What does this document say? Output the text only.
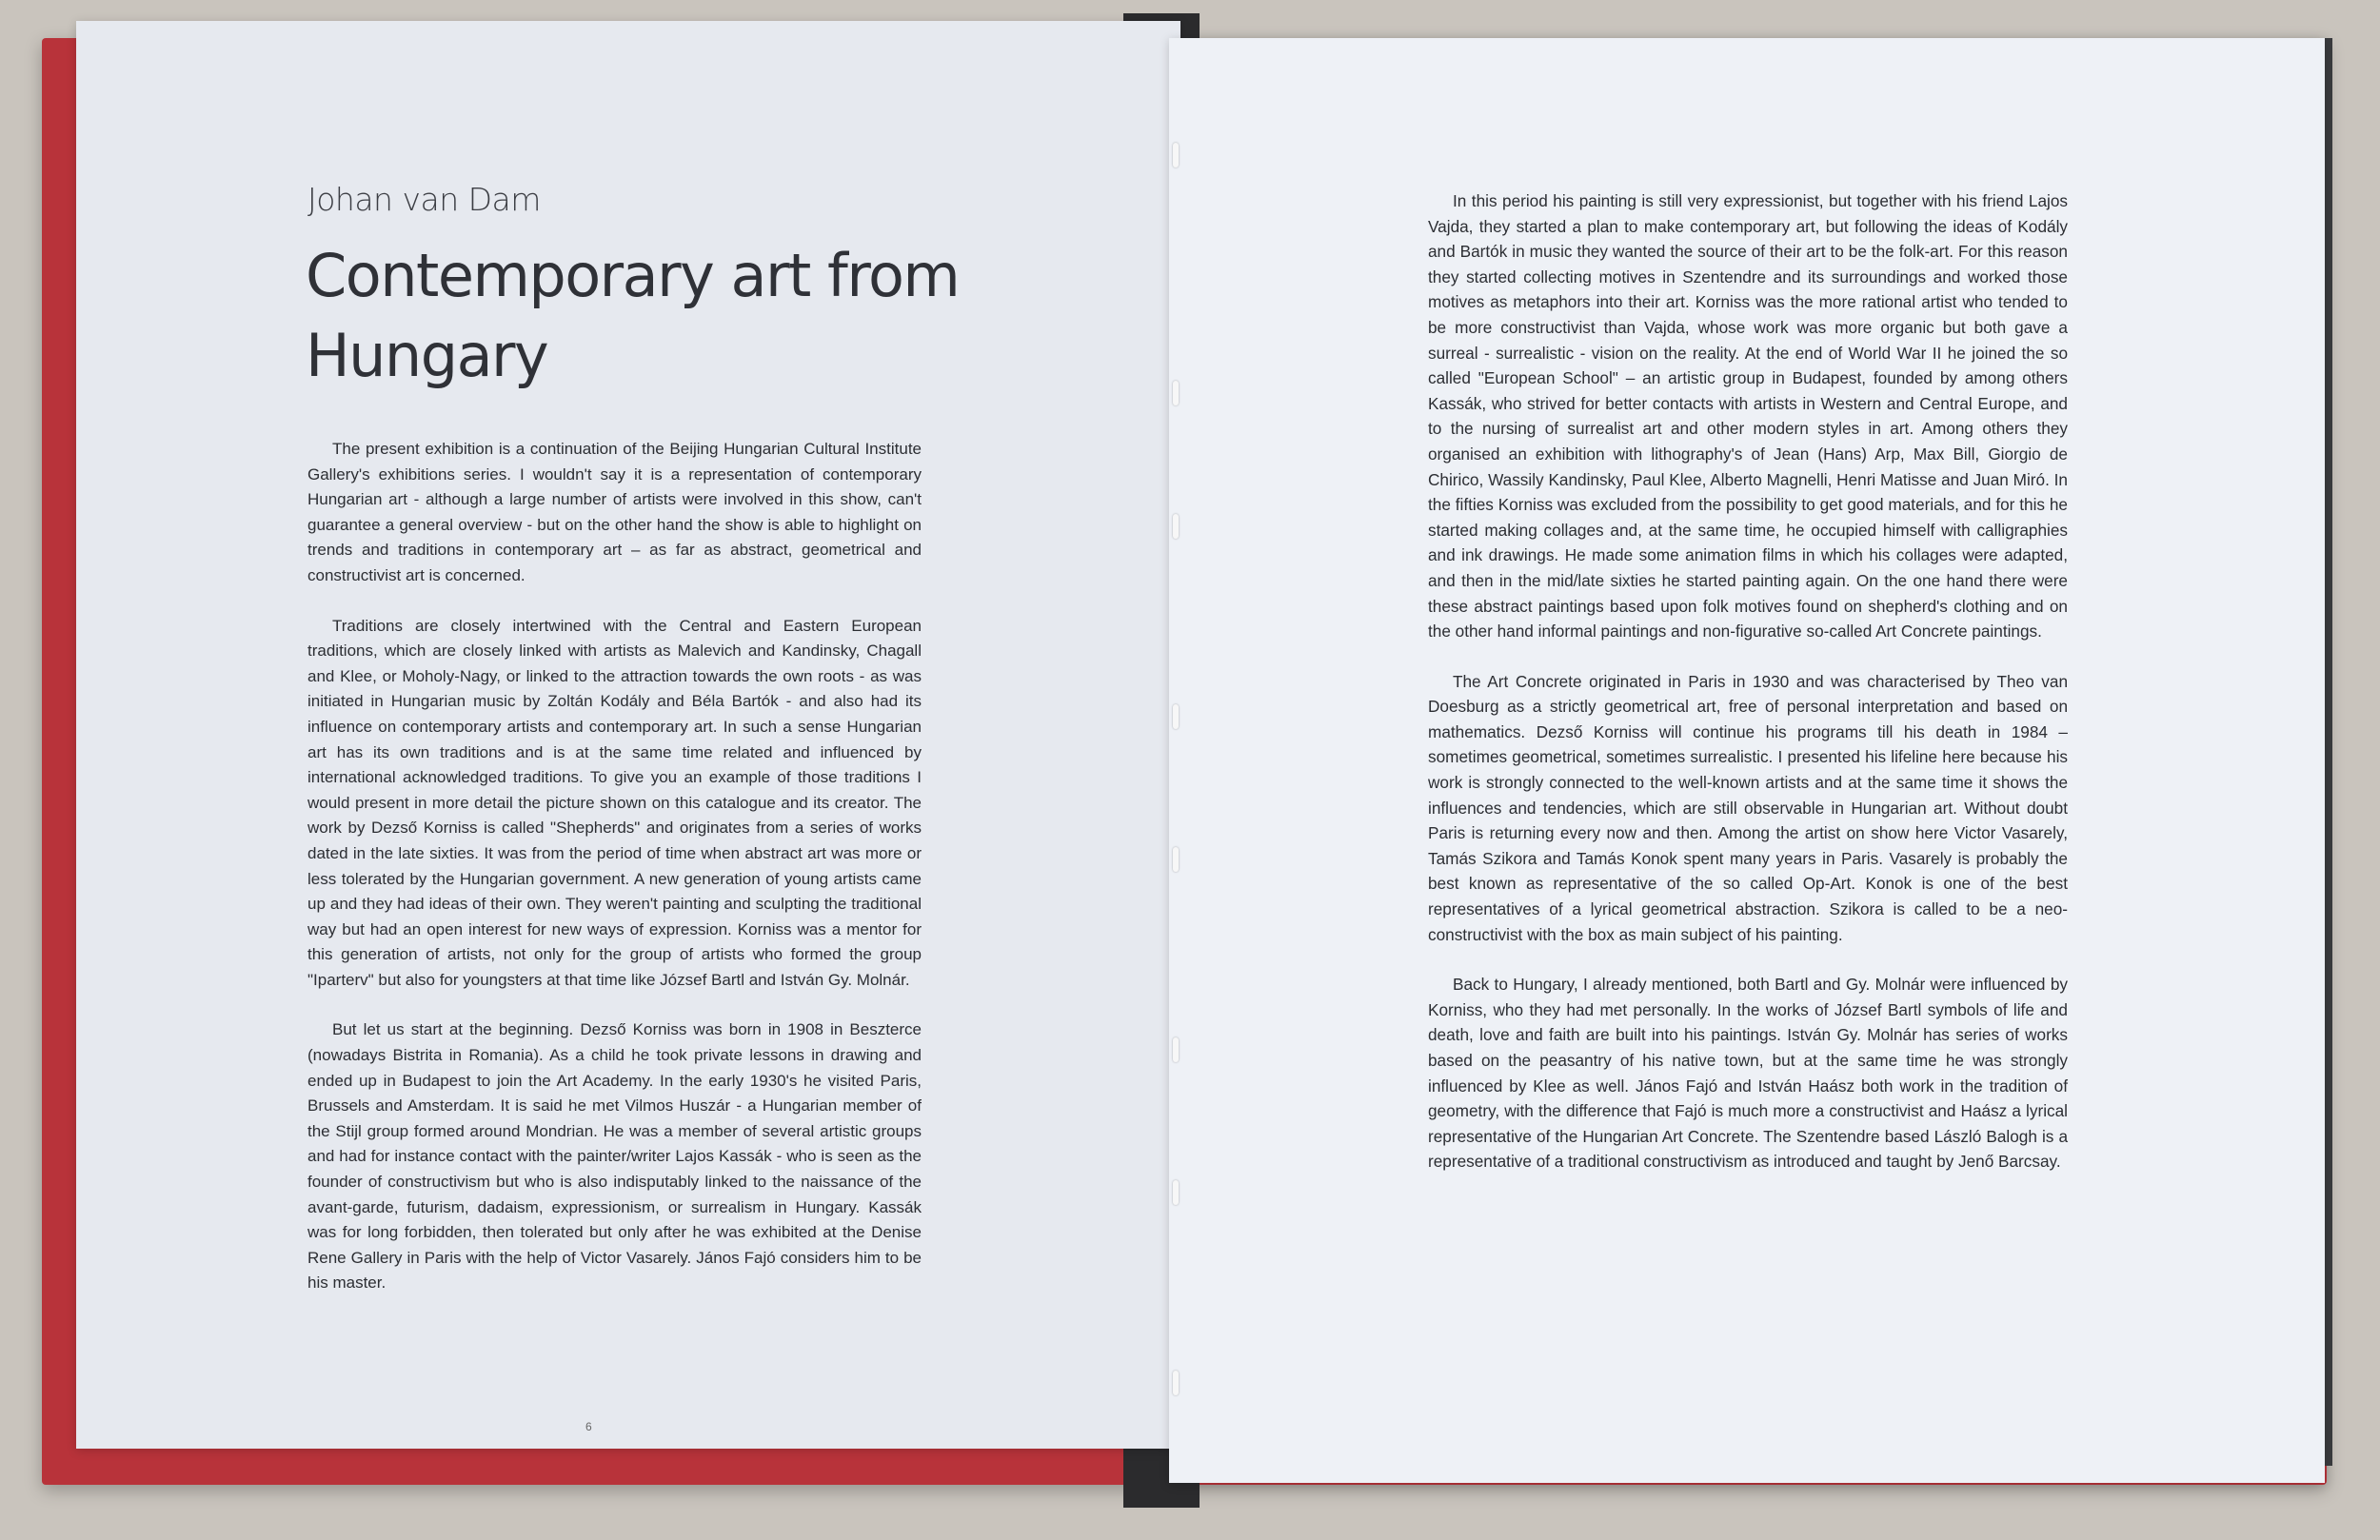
Johan van Dam
Contemporary art from Hungary

The present exhibition is a continuation of the Beijing Hungarian Cultural Institute Gallery's exhibitions series. I wouldn't say it is a representation of contemporary Hungarian art - although a large number of artists were involved in this show, can't guarantee a general overview - but on the other hand the show is able to highlight on trends and traditions in contemporary art – as far as abstract, geometrical and constructivist art is concerned.

Traditions are closely intertwined with the Central and Eastern European traditions, which are closely linked with artists as Malevich and Kandinsky, Chagall and Klee, or Moholy-Nagy, or linked to the attraction towards the own roots - as was initiated in Hungarian music by Zoltán Kodály and Béla Bartók - and also had its influence on contemporary artists and contemporary art. In such a sense Hungarian art has its own traditions and is at the same time related and influenced by international acknowledged traditions. To give you an example of those traditions I would present in more detail the picture shown on this catalogue and its creator. The work by Dezső Korniss is called "Shepherds" and originates from a series of works dated in the late sixties. It was from the period of time when abstract art was more or less tolerated by the Hungarian government. A new generation of young artists came up and they had ideas of their own. They weren't painting and sculpting the traditional way but had an open interest for new ways of expression. Korniss was a mentor for this generation of artists, not only for the group of artists who formed the group "Iparterv" but also for youngsters at that time like József Bartl and István Gy. Molnár.

But let us start at the beginning. Dezső Korniss was born in 1908 in Beszterce (nowadays Bistrita in Romania). As a child he took private lessons in drawing and ended up in Budapest to join the Art Academy. In the early 1930's he visited Paris, Brussels and Amsterdam. It is said he met Vilmos Huszár - a Hungarian member of the Stijl group formed around Mondrian. He was a member of several artistic groups and had for instance contact with the painter/writer Lajos Kassák - who is seen as the founder of constructivism but who is also indisputably linked to the naissance of the avant-garde, futurism, dadaism, expressionism, or surrealism in Hungary. Kassák was for long forbidden, then tolerated but only after he was exhibited at the Denise Rene Gallery in Paris with the help of Victor Vasarely. János Fajó considers him to be his master.

6

In this period his painting is still very expressionist, but together with his friend Lajos Vajda, they started a plan to make contemporary art, but following the ideas of Kodály and Bartók in music they wanted the source of their art to be the folk-art. For this reason they started collecting motives in Szentendre and its surroundings and worked those motives as metaphors into their art. Korniss was the more rational artist who tended to be more constructivist than Vajda, whose work was more organic but both gave a surreal - surrealistic - vision on the reality. At the end of World War II he joined the so called "European School" – an artistic group in Budapest, founded by among others Kassák, who strived for better contacts with artists in Western and Central Europe, and to the nursing of surrealist art and other modern styles in art. Among others they organised an exhibition with lithography's of Jean (Hans) Arp, Max Bill, Giorgio de Chirico, Wassily Kandinsky, Paul Klee, Alberto Magnelli, Henri Matisse and Juan Miró. In the fifties Korniss was excluded from the possibility to get good materials, and for this he started making collages and, at the same time, he occupied himself with calligraphies and ink drawings. He made some animation films in which his collages were adapted, and then in the mid/late sixties he started painting again. On the one hand there were these abstract paintings based upon folk motives found on shepherd's clothing and on the other hand informal paintings and non-figurative so-called Art Concrete paintings.

The Art Concrete originated in Paris in 1930 and was characterised by Theo van Doesburg as a strictly geometrical art, free of personal interpretation and based on mathematics. Dezső Korniss will continue his programs till his death in 1984 – sometimes geometrical, sometimes surrealistic. I presented his lifeline here because his work is strongly connected to the well-known artists and at the same time it shows the influences and tendencies, which are still observable in Hungarian art. Without doubt Paris is returning every now and then. Among the artist on show here Victor Vasarely, Tamás Szikora and Tamás Konok spent many years in Paris. Vasarely is probably the best known as representative of the so called Op-Art. Konok is one of the best representatives of a lyrical geometrical abstraction. Szikora is called to be a neo-constructivist with the box as main subject of his painting.

Back to Hungary, I already mentioned, both Bartl and Gy. Molnár were influenced by Korniss, who they had met personally. In the works of József Bartl symbols of life and death, love and faith are built into his paintings. István Gy. Molnár has series of works based on the peasantry of his native town, but at the same time he was strongly influenced by Klee as well. János Fajó and István Haász both work in the tradition of geometry, with the difference that Fajó is much more a constructivist and Haász a lyrical representative of the Hungarian Art Concrete. The Szentendre based László Balogh is a representative of a traditional constructivism as introduced and taught by Jenő Barcsay.
